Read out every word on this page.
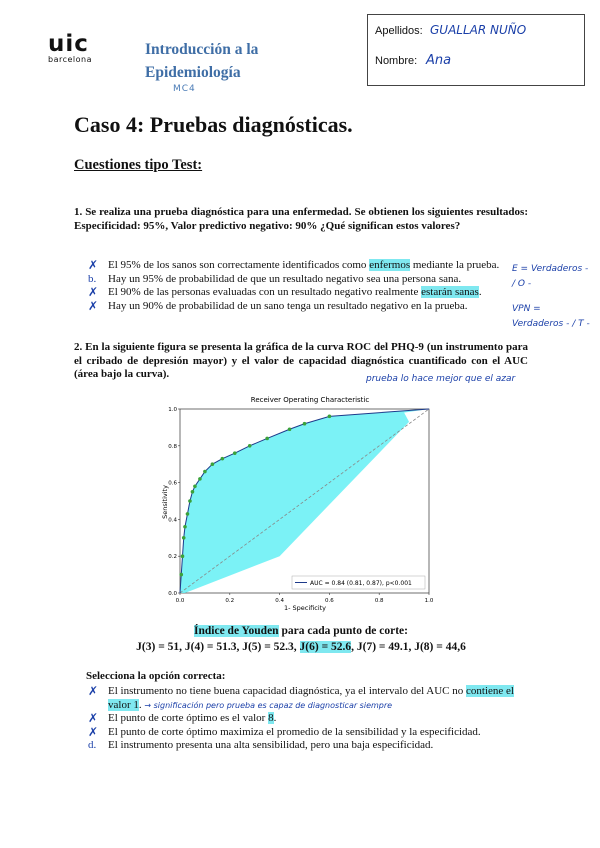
uic
barcelona
Introducción a la
Epidemiología
MC4
Apellidos: GUALLAR NUÑO
Nombre: Ana
Caso 4: Pruebas diagnósticas.
Cuestiones tipo Test:
1. Se realiza una prueba diagnóstica para una enfermedad. Se obtienen los siguientes resultados: Especificidad: 95%, Valor predictivo negativo: 90% ¿Qué significan estos valores?
✗ El 95% de los sanos son correctamente identificados como enfermos mediante la prueba.
b. Hay un 95% de probabilidad de que un resultado negativo sea una persona sana.
✗ El 90% de las personas evaluadas con un resultado negativo realmente estarán sanas.
✗ Hay un 90% de probabilidad de un sano tenga un resultado negativo en la prueba.
E = Verdaderos - / O -
VPN = Verdaderos - / T -
2. En la siguiente figura se presenta la gráfica de la curva ROC del PHQ-9 (un instrumento para el cribado de depresión mayor) y el valor de capacidad diagnóstica cuantificado con el AUC (área bajo la curva).	prueba lo hace mejor que el azar
Receiver Operating Characteristic
0.0	0.2	0.4	0.6	0.8	1.0
0.0
0.2
0.4
0.6
0.8
1.0
AUC = 0.84 (0.81, 0.87), p<0.001
1- Specificity
Sensitivity
Índice de Youden para cada punto de corte:
J(3) = 51, J(4) = 51.3, J(5) = 52.3, J(6) = 52.6, J(7) = 49.1, J(8) = 44,6
Selecciona la opción correcta:
✗ El instrumento no tiene buena capacidad diagnóstica, ya el intervalo del AUC no contiene el valor 1. → significación pero prueba es capaz de diagnosticar siempre
✗ El punto de corte óptimo es el valor 8.
✗ El punto de corte óptimo maximiza el promedio de la sensibilidad y la especificidad.
d. El instrumento presenta una alta sensibilidad, pero una baja especificidad.
